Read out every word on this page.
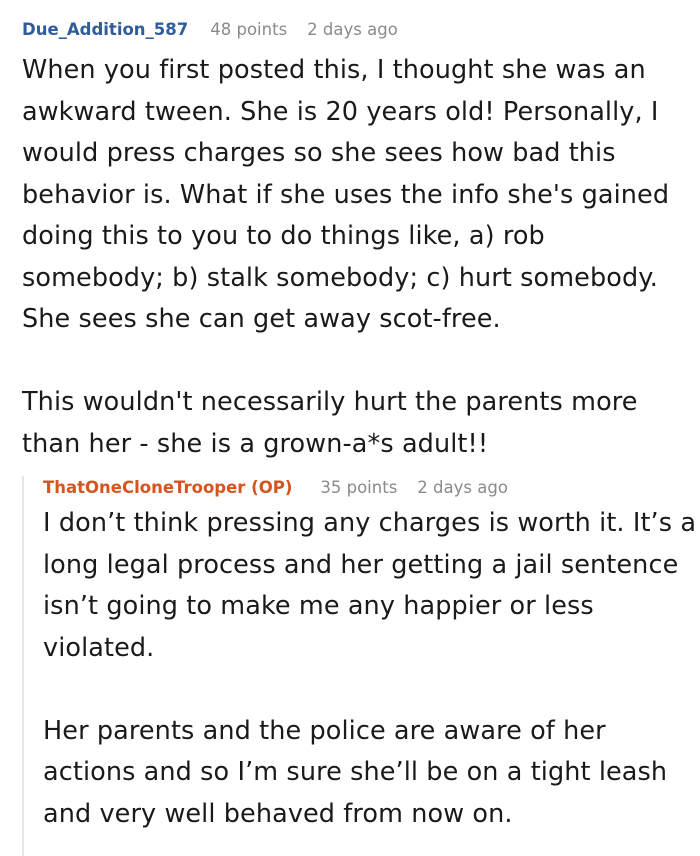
Due_Addition_587 48 points 2 days ago

When you first posted this, I thought she was an awkward tween. She is 20 years old! Personally, I would press charges so she sees how bad this behavior is. What if she uses the info she's gained doing this to you to do things like, a) rob somebody; b) stalk somebody; c) hurt somebody. She sees she can get away scot-free.

This wouldn't necessarily hurt the parents more than her - she is a grown-a*s adult!!

ThatOneCloneTrooper (OP) 35 points 2 days ago

I don’t think pressing any charges is worth it. It’s a long legal process and her getting a jail sentence isn’t going to make me any happier or less violated.

Her parents and the police are aware of her actions and so I’m sure she’ll be on a tight leash and very well behaved from now on.
